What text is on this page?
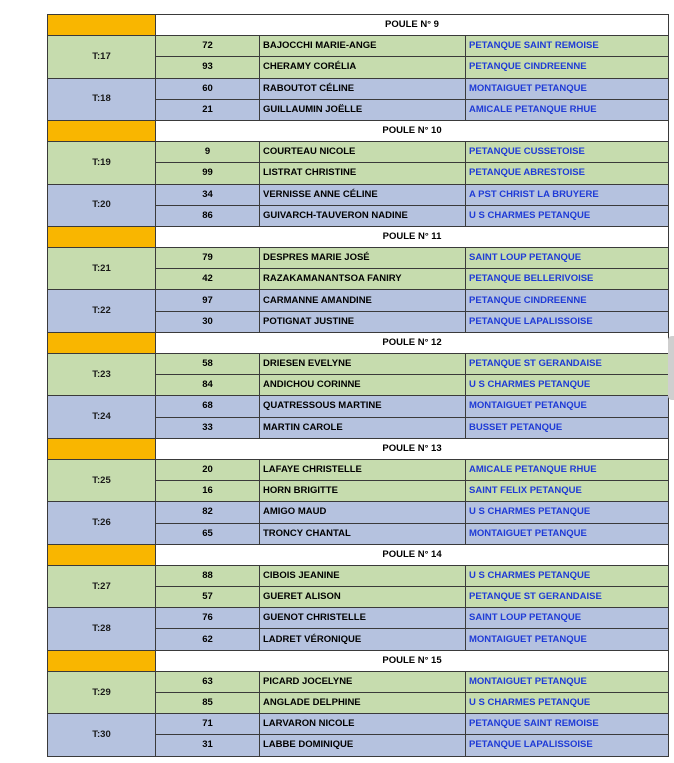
	POULE N° 9		
T:17	72	BAJOCCHI MARIE-ANGE	PETANQUE SAINT REMOISE
	93	CHERAMY CORÉLIA	PETANQUE CINDREENNE
T:18	60	RABOUTOT CÉLINE	MONTAIGUET PETANQUE
	21	GUILLAUMIN JOËLLE	AMICALE PETANQUE RHUE
	POULE N° 10		
T:19	9	COURTEAU NICOLE	PETANQUE CUSSETOISE
	99	LISTRAT CHRISTINE	PETANQUE ABRESTOISE
T:20	34	VERNISSE ANNE CÉLINE	A PST CHRIST LA BRUYERE
	86	GUIVARCH-TAUVERON NADINE	U S CHARMES PETANQUE
	POULE N° 11		
T:21	79	DESPRES MARIE JOSÉ	SAINT LOUP PETANQUE
	42	RAZAKAMANANTSOA FANIRY	PETANQUE BELLERIVOISE
T:22	97	CARMANNE AMANDINE	PETANQUE CINDREENNE
	30	POTIGNAT JUSTINE	PETANQUE LAPALISSOISE
	POULE N° 12		
T:23	58	DRIESEN EVELYNE	PETANQUE ST GERANDAISE
	84	ANDICHOU CORINNE	U S CHARMES PETANQUE
T:24	68	QUATRESSOUS MARTINE	MONTAIGUET PETANQUE
	33	MARTIN CAROLE	BUSSET PETANQUE
	POULE N° 13		
T:25	20	LAFAYE CHRISTELLE	AMICALE PETANQUE RHUE
	16	HORN BRIGITTE	SAINT FELIX PETANQUE
T:26	82	AMIGO MAUD	U S CHARMES PETANQUE
	65	TRONCY CHANTAL	MONTAIGUET PETANQUE
	POULE N° 14		
T:27	88	CIBOIS JEANINE	U S CHARMES PETANQUE
	57	GUERET ALISON	PETANQUE ST GERANDAISE
T:28	76	GUENOT CHRISTELLE	SAINT LOUP PETANQUE
	62	LADRET VÉRONIQUE	MONTAIGUET PETANQUE
	POULE N° 15		
T:29	63	PICARD JOCELYNE	MONTAIGUET PETANQUE
	85	ANGLADE DELPHINE	U S CHARMES PETANQUE
T:30	71	LARVARON NICOLE	PETANQUE SAINT REMOISE
	31	LABBE DOMINIQUE	PETANQUE LAPALISSOISE
